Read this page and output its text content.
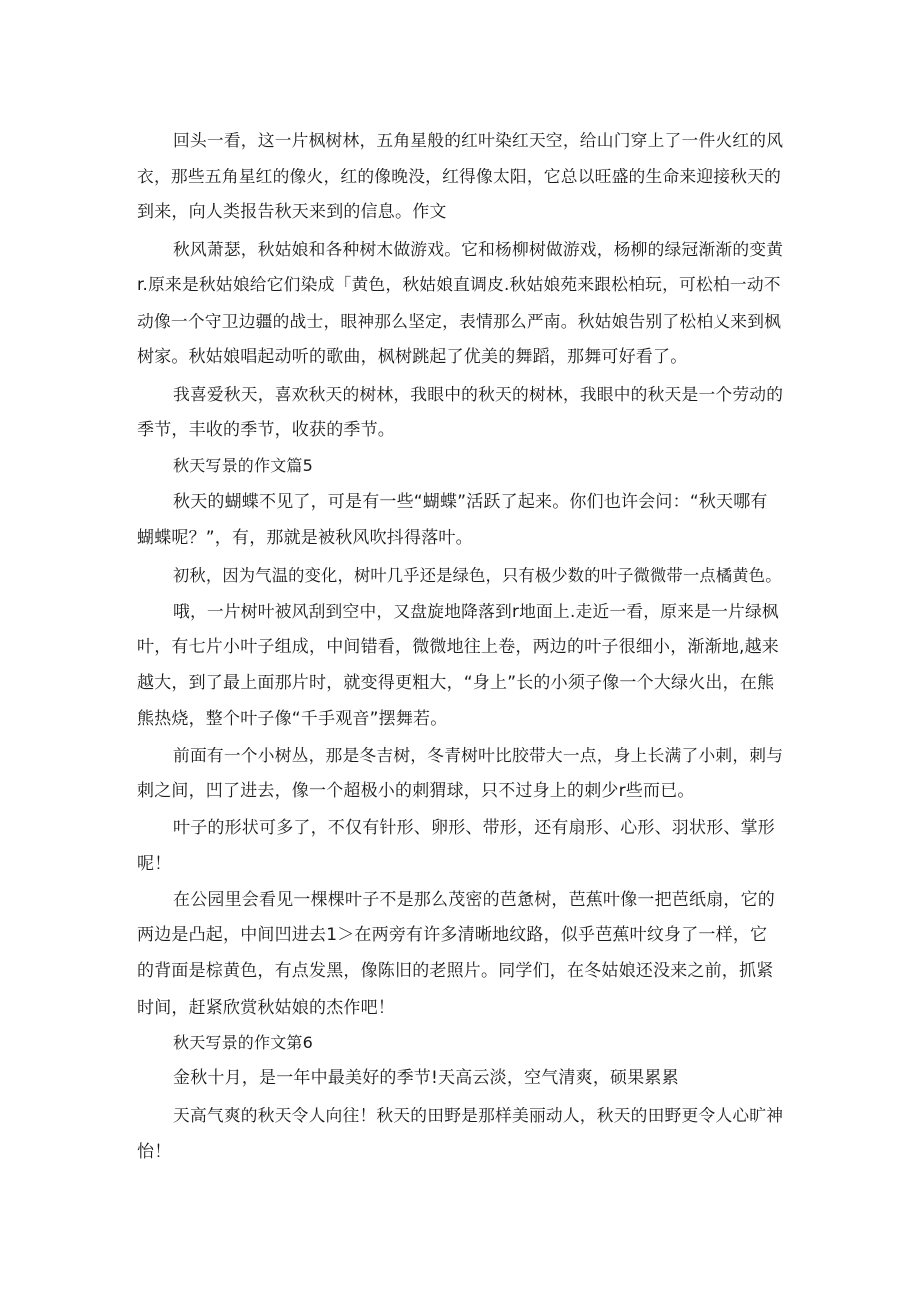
回头一看，这一片枫树林，五角星般的红叶染红天空，给山门穿上了一件火红的风
衣，那些五角星红的像火，红的像晚没，红得像太阳，它总以旺盛的生命来迎接秋天的
到来，向人类报告秋天来到的信息。作文
秋风萧瑟，秋姑娘和各种树木做游戏。它和杨柳树做游戏，杨柳的绿冠渐渐的变黄
r.原来是秋姑娘给它们染成「黄色，秋姑娘直调皮.秋姑娘苑来跟松柏玩，可松柏一动不
动像一个守卫边疆的战士，眼神那么坚定，表情那么严南。秋姑娘告别了松柏乂来到枫
树家。秋姑娘唱起动听的歌曲，枫树跳起了优美的舞蹈，那舞可好看了。
我喜爱秋天，喜欢秋天的树林，我眼中的秋天的树林，我眼中的秋天是一个劳动的
季节，丰收的季节，收获的季节。
秋天写景的作文篇5
秋天的蝴蝶不见了，可是有一些“蝴蝶”活跃了起来。你们也许会问：“秋天哪有
蝴蝶呢？”，有，那就是被秋风吹抖得落叶。
初秋，因为气温的变化，树叶几乎还是绿色，只有极少数的叶子微微带一点橘黄色。
哦，一片树叶被风刮到空中，又盘旋地降落到r地面上.走近一看，原来是一片绿枫
叶，有七片小叶子组成，中间错看，微微地往上卷，两边的叶子很细小，渐渐地,越来
越大，到了最上面那片时，就变得更粗大，“身上”长的小须子像一个大绿火出，在熊
熊热烧，整个叶子像“千手观音”摆舞若。
前面有一个小树丛，那是冬吉树，冬青树叶比胶带大一点，身上长满了小刺，刺与
刺之间，凹了进去，像一个超极小的刺猬球，只不过身上的刺少r些而已。
叶子的形状可多了，不仅有针形、卵形、带形，还有扇形、心形、羽状形、掌形
呢！
在公园里会看见一棵棵叶子不是那么茂密的芭惫树，芭蕉叶像一把芭纸扇，它的
两边是凸起，中间凹进去1＞在两旁有许多清晰地纹路，似乎芭蕉叶纹身了一样，它
的背面是棕黄色，有点发黑，像陈旧的老照片。同学们，在冬姑娘还没来之前，抓紧
时间，赶紧欣赏秋姑娘的杰作吧！
秋天写景的作文第6
金秋十月，是一年中最美好的季节!天高云淡，空气清爽，硕果累累
天高气爽的秋天令人向往！秋天的田野是那样美丽动人，秋天的田野更令人心旷神
怡！
